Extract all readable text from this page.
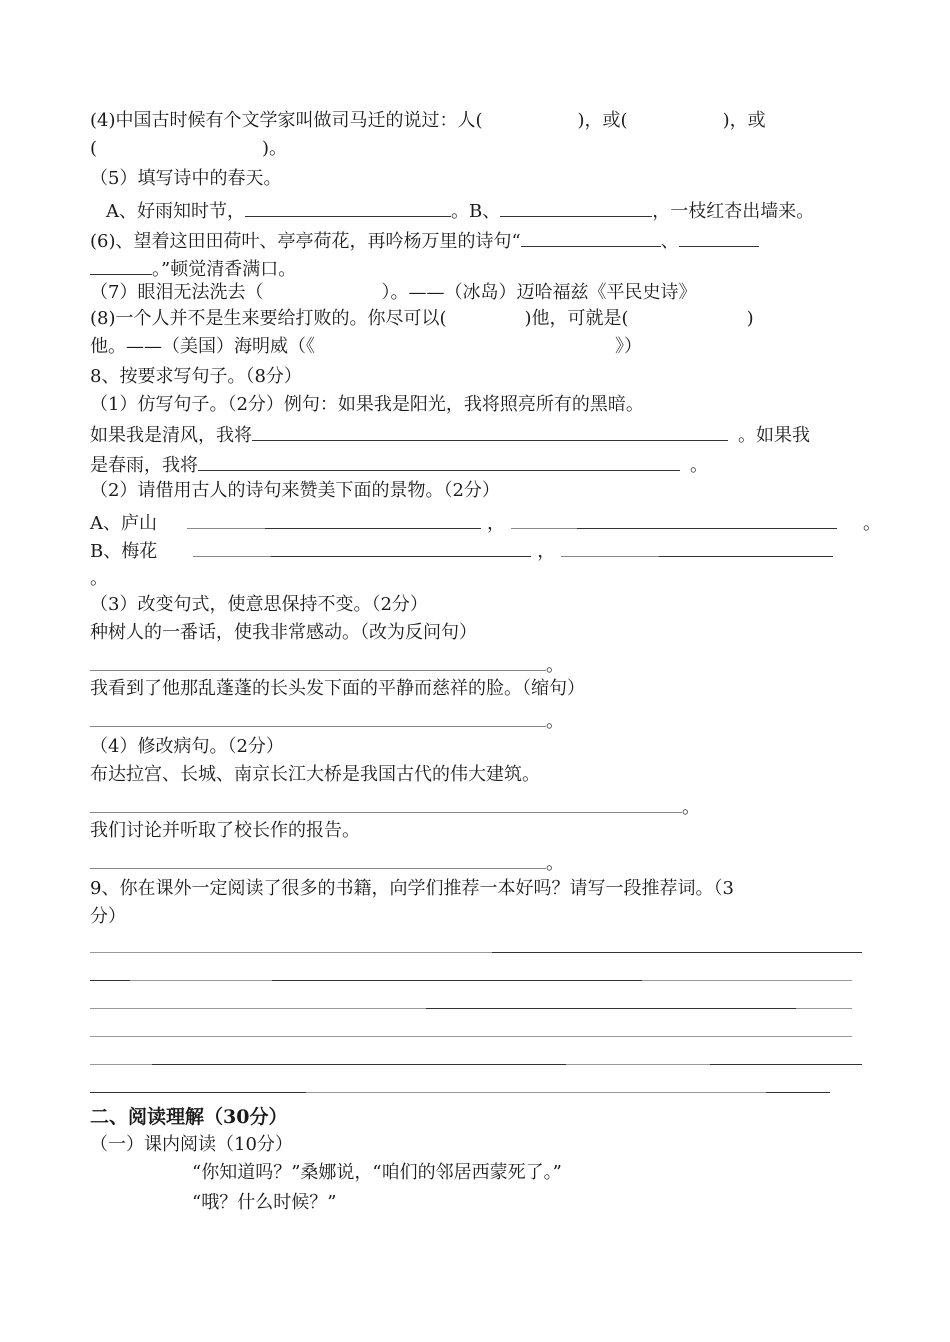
(4)中国古时候有个文学家叫做司马迁的说过：人(	)，或(	)，或
(	)。
（5）填写诗中的春天。
A、好雨知时节，	。B、	，一枝红杏出墙来。
(6)、望着这田田荷叶、亭亭荷花，再吟杨万里的诗句“	、
。”顿觉清香满口。
（7）眼泪无法洗去（	）。——（冰岛）迈哈福兹《平民史诗》
(8)一个人并不是生来要给打败的。你尽可以(	)他，可就是(	)
他。——（美国）海明威（《	》）
8、按要求写句子。（8分）
（1）仿写句子。（2分）例句：如果我是阳光，我将照亮所有的黑暗。
如果我是清风，我将	。如果我
是春雨，我将	。
（2）请借用古人的诗句来赞美下面的景物。（2分）
A、庐山	，	。
B、梅花	，
。
（3）改变句式，使意思保持不变。（2分）
种树人的一番话，使我非常感动。（改为反问句）
。
我看到了他那乱蓬蓬的长头发下面的平静而慈祥的脸。（缩句）
。
（4）修改病句。（2分）
布达拉宫、长城、南京长江大桥是我国古代的伟大建筑。
。
我们讨论并听取了校长作的报告。
。
9、你在课外一定阅读了很多的书籍，向学们推荐一本好吗？请写一段推荐词。（3
分）
二、阅读理解（30分）
（一）课内阅读（10分）
“你知道吗？”桑娜说，“咱们的邻居西蒙死了。”
“哦？什么时候？”
